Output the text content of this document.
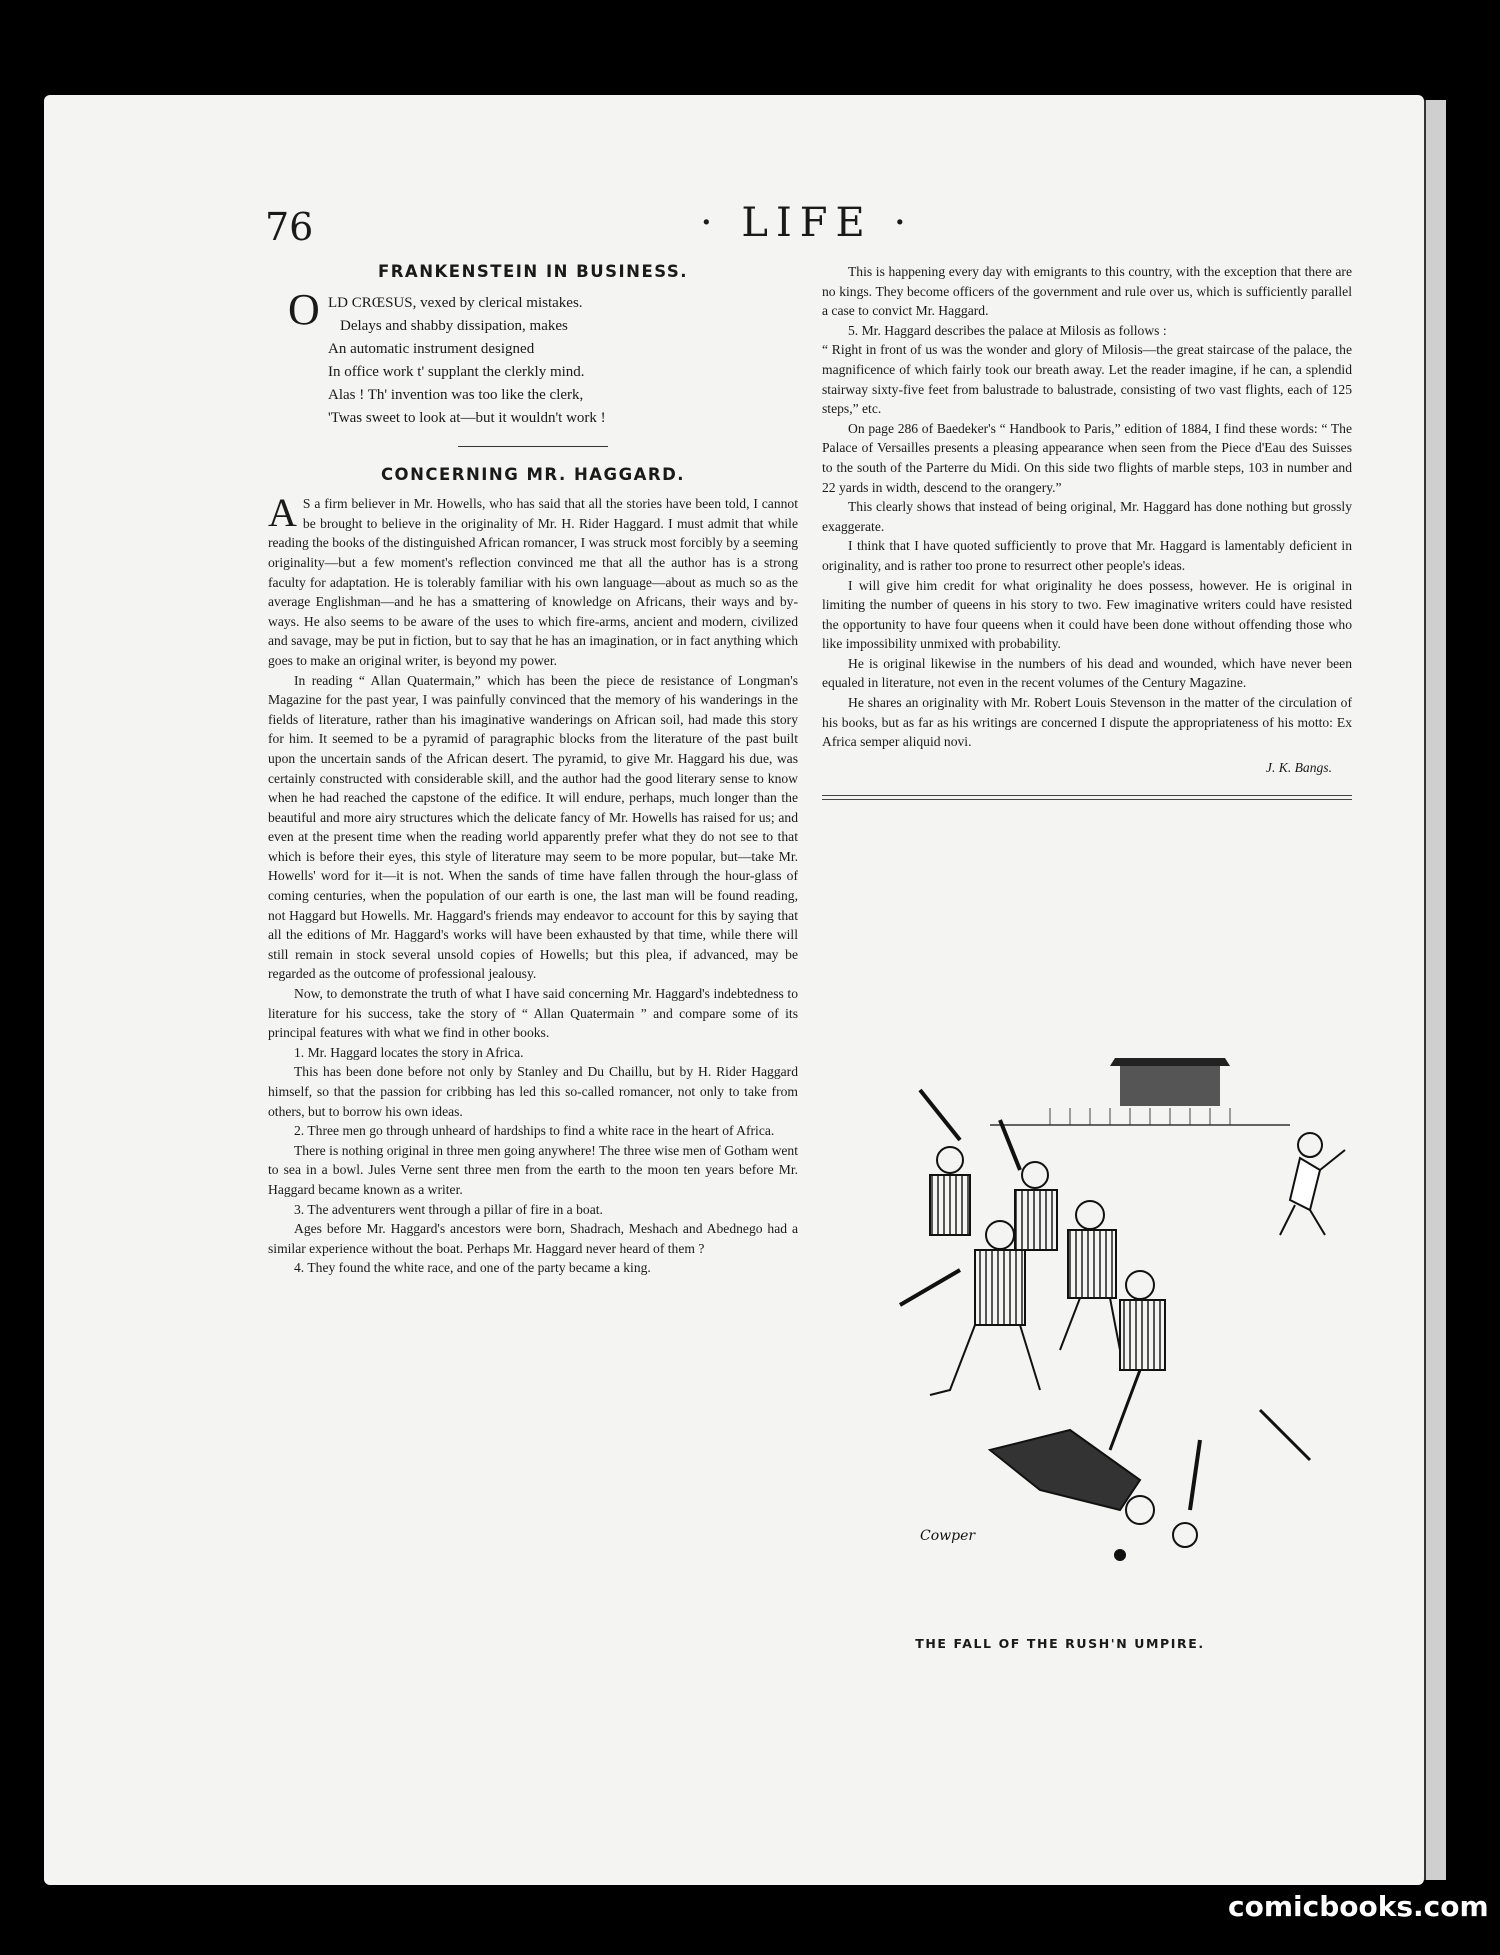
76	· LIFE ·
FRANKENSTEIN IN BUSINESS.
O LD CRŒSUS, vexed by clerical mistakes.
Delays and shabby dissipation, makes
An automatic instrument designed
In office work t' supplant the clerkly mind.
Alas ! Th' invention was too like the clerk,
'Twas sweet to look at—but it wouldn't work !
CONCERNING MR. HAGGARD.

A S a firm believer in Mr. Howells, who has said that all the stories have been told, I cannot be brought to believe in the originality of Mr. H. Rider Haggard. I must admit that while reading the books of the distinguished African romancer, I was struck most forcibly by a seeming originality—but a few moment's reflection convinced me that all the author has is a strong faculty for adaptation. He is tolerably familiar with his own language—about as much so as the average Englishman—and he has a smattering of knowledge on Africans, their ways and by-ways. He also seems to be aware of the uses to which fire-arms, ancient and modern, civilized and savage, may be put in fiction, but to say that he has an imagination, or in fact anything which goes to make an original writer, is beyond my power.

In reading “ Allan Quatermain,” which has been the piece de resistance of Longman's Magazine for the past year, I was painfully convinced that the memory of his wanderings in the fields of literature, rather than his imaginative wanderings on African soil, had made this story for him. It seemed to be a pyramid of paragraphic blocks from the literature of the past built upon the uncertain sands of the African desert. The pyramid, to give Mr. Haggard his due, was certainly constructed with considerable skill, and the author had the good literary sense to know when he had reached the capstone of the edifice. It will endure, perhaps, much longer than the beautiful and more airy structures which the delicate fancy of Mr. Howells has raised for us; and even at the present time when the reading world apparently prefer what they do not see to that which is before their eyes, this style of literature may seem to be more popular, but—take Mr. Howells' word for it—it is not. When the sands of time have fallen through the hour-glass of coming centuries, when the population of our earth is one, the last man will be found reading, not Haggard but Howells. Mr. Haggard's friends may endeavor to account for this by saying that all the editions of Mr. Haggard's works will have been exhausted by that time, while there will still remain in stock several unsold copies of Howells; but this plea, if advanced, may be regarded as the outcome of professional jealousy.

Now, to demonstrate the truth of what I have said concerning Mr. Haggard's indebtedness to literature for his success, take the story of “ Allan Quatermain ” and compare some of its principal features with what we find in other books.

1. Mr. Haggard locates the story in Africa.

This has been done before not only by Stanley and Du Chaillu, but by H. Rider Haggard himself, so that the passion for cribbing has led this so-called romancer, not only to take from others, but to borrow his own ideas.

2. Three men go through unheard of hardships to find a white race in the heart of Africa.

There is nothing original in three men going anywhere! The three wise men of Gotham went to sea in a bowl. Jules Verne sent three men from the earth to the moon ten years before Mr. Haggard became known as a writer.

3. The adventurers went through a pillar of fire in a boat.

Ages before Mr. Haggard's ancestors were born, Shadrach, Meshach and Abednego had a similar experience without the boat. Perhaps Mr. Haggard never heard of them ?

4. They found the white race, and one of the party became a king.

This is happening every day with emigrants to this country, with the exception that there are no kings. They become officers of the government and rule over us, which is sufficiently parallel a case to convict Mr. Haggard.

5. Mr. Haggard describes the palace at Milosis as follows :

“ Right in front of us was the wonder and glory of Milosis—the great staircase of the palace, the magnificence of which fairly took our breath away. Let the reader imagine, if he can, a splendid stairway sixty-five feet from balustrade to balustrade, consisting of two vast flights, each of 125 steps,” etc.

On page 286 of Baedeker's “ Handbook to Paris,” edition of 1884, I find these words: “ The Palace of Versailles presents a pleasing appearance when seen from the Piece d'Eau des Suisses to the south of the Parterre du Midi. On this side two flights of marble steps, 103 in number and 22 yards in width, descend to the orangery.”

This clearly shows that instead of being original, Mr. Haggard has done nothing but grossly exaggerate.

I think that I have quoted sufficiently to prove that Mr. Haggard is lamentably deficient in originality, and is rather too prone to resurrect other people's ideas.

I will give him credit for what originality he does possess, however. He is original in limiting the number of queens in his story to two. Few imaginative writers could have resisted the opportunity to have four queens when it could have been done without offending those who like impossibility unmixed with probability.

He is original likewise in the numbers of his dead and wounded, which have never been equaled in literature, not even in the recent volumes of the Century Magazine.

He shares an originality with Mr. Robert Louis Stevenson in the matter of the circulation of his books, but as far as his writings are concerned I dispute the appropriateness of his motto: Ex Africa semper aliquid novi.

J. K. Bangs.
Cowper
THE FALL OF THE RUSH'N UMPIRE.
comicbooks.com
